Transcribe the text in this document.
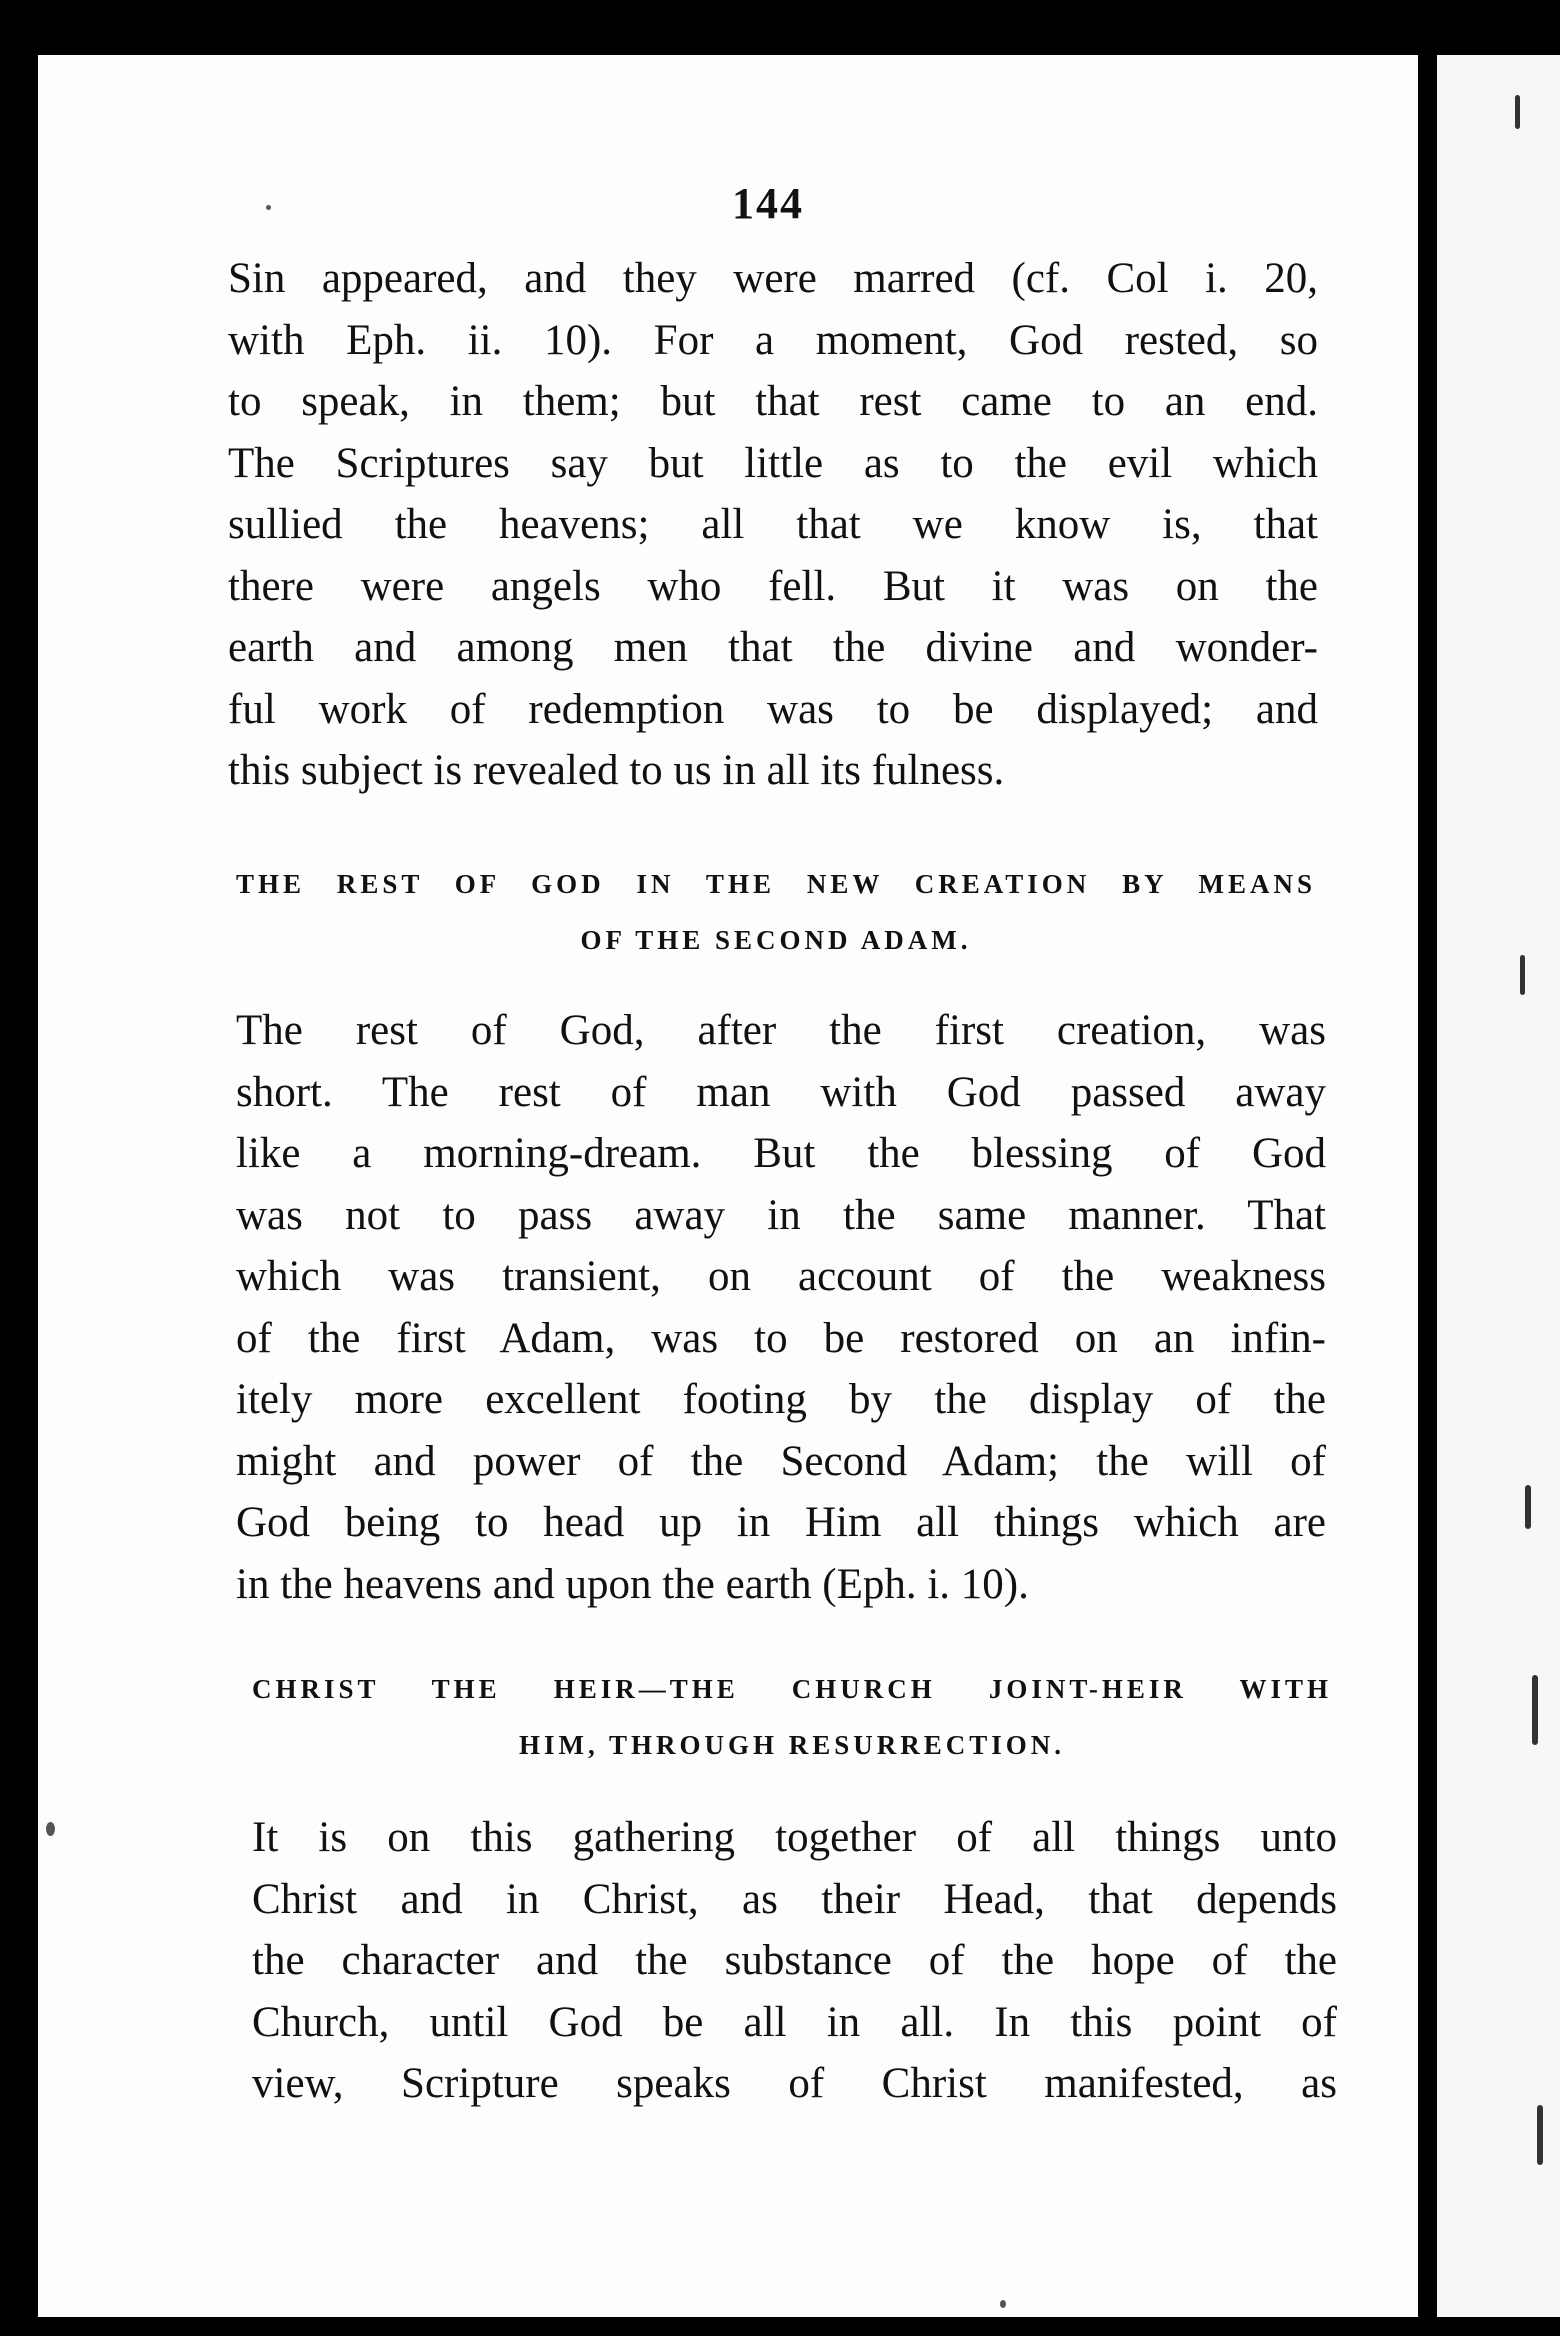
144
Sin appeared, and they were marred (cf. Col i. 20,
with Eph. ii. 10). For a moment, God rested, so
to speak, in them; but that rest came to an end.
The Scriptures say but little as to the evil which
sullied the heavens; all that we know is, that
there were angels who fell. But it was on the
earth and among men that the divine and wonder-
ful work of redemption was to be displayed; and
this subject is revealed to us in all its fulness.
THE REST OF GOD IN THE NEW CREATION BY MEANS
OF THE SECOND ADAM.
The rest of God, after the first creation, was
short. The rest of man with God passed away
like a morning-dream. But the blessing of God
was not to pass away in the same manner. That
which was transient, on account of the weakness
of the first Adam, was to be restored on an infin-
itely more excellent footing by the display of the
might and power of the Second Adam; the will of
God being to head up in Him all things which are
in the heavens and upon the earth (Eph. i. 10).
CHRIST THE HEIR—THE CHURCH JOINT-HEIR WITH
HIM, THROUGH RESURRECTION.
It is on this gathering together of all things unto
Christ and in Christ, as their Head, that depends
the character and the substance of the hope of the
Church, until God be all in all. In this point of
view, Scripture speaks of Christ manifested, as
